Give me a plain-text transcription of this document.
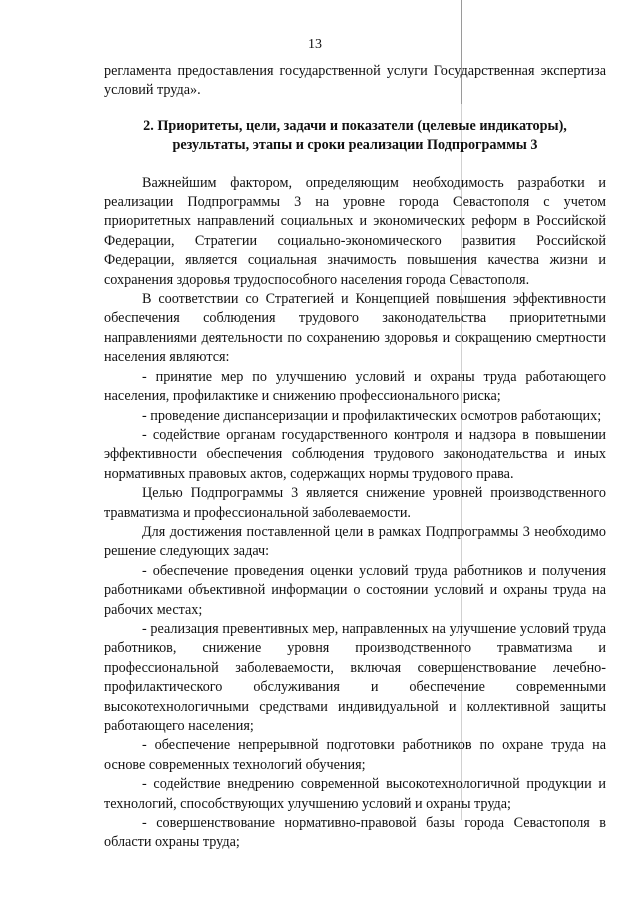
13

регламента предоставления государственной услуги Государственная экспертиза условий труда».

2. Приоритеты, цели, задачи и показатели (целевые индикаторы), результаты, этапы и сроки реализации Подпрограммы 3

Важнейшим фактором, определяющим необходимость разработки и реализации Подпрограммы 3 на уровне города Севастополя с учетом приоритетных направлений социальных и экономических реформ в Российской Федерации, Стратегии социально-экономического развития Российской Федерации, является социальная значимость повышения качества жизни и сохранения здоровья трудоспособного населения города Севастополя.

В соответствии со Стратегией и Концепцией повышения эффективности обеспечения соблюдения трудового законодательства приоритетными направлениями деятельности по сохранению здоровья и сокращению смертности населения являются:

- принятие мер по улучшению условий и охраны труда работающего населения, профилактике и снижению профессионального риска;

- проведение диспансеризации и профилактических осмотров работающих;

- содействие органам государственного контроля и надзора в повышении эффективности обеспечения соблюдения трудового законодательства и иных нормативных правовых актов, содержащих нормы трудового права.

Целью Подпрограммы 3 является снижение уровней производственного травматизма и профессиональной заболеваемости.

Для достижения поставленной цели в рамках Подпрограммы 3 необходимо решение следующих задач:

- обеспечение проведения оценки условий труда работников и получения работниками объективной информации о состоянии условий и охраны труда на рабочих местах;

- реализация превентивных мер, направленных на улучшение условий труда работников, снижение уровня производственного травматизма и профессиональной заболеваемости, включая совершенствование лечебно-профилактического обслуживания и обеспечение современными высокотехнологичными средствами индивидуальной и коллективной защиты работающего населения;

- обеспечение непрерывной подготовки работников по охране труда на основе современных технологий обучения;

- содействие внедрению современной высокотехнологичной продукции и технологий, способствующих улучшению условий и охраны труда;

- совершенствование нормативно-правовой базы города Севастополя в области охраны труда;
